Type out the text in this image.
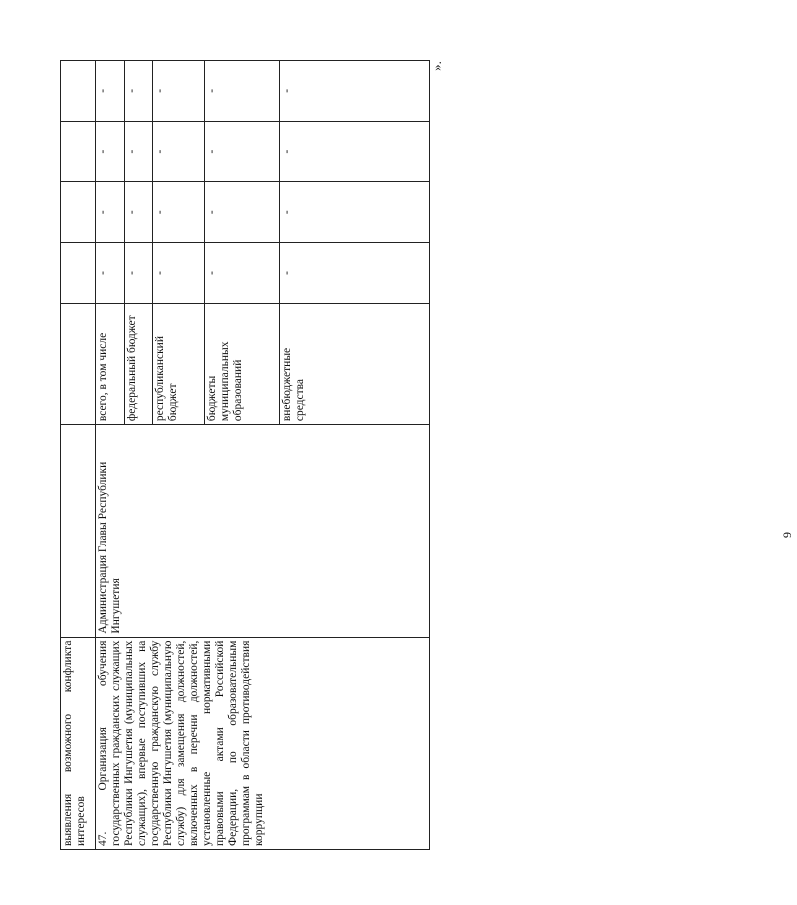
выявления возможного конфликта интересов							
47. Организация обучения государственных гражданских служащих Республики Ингушетия (муниципальных служащих), впервые поступивших на государственную гражданскую службу Республики Ингушетия (муниципальную службу) для замещения должностей, включенных в перечни должностей, установленные нормативными правовыми актами Российской Федерации, по образовательным программам в области противодействия коррупции	Администрация Главы Республики Ингушетия	всего, в том числе	-	-	-	-	
		федеральный бюджет	-	-	-	-	
		республиканский бюджет	-	-	-	-	
		бюджеты муниципальных образований	-	-	-	-	
		внебюджетные средства	-	-	-	-	
».
9
